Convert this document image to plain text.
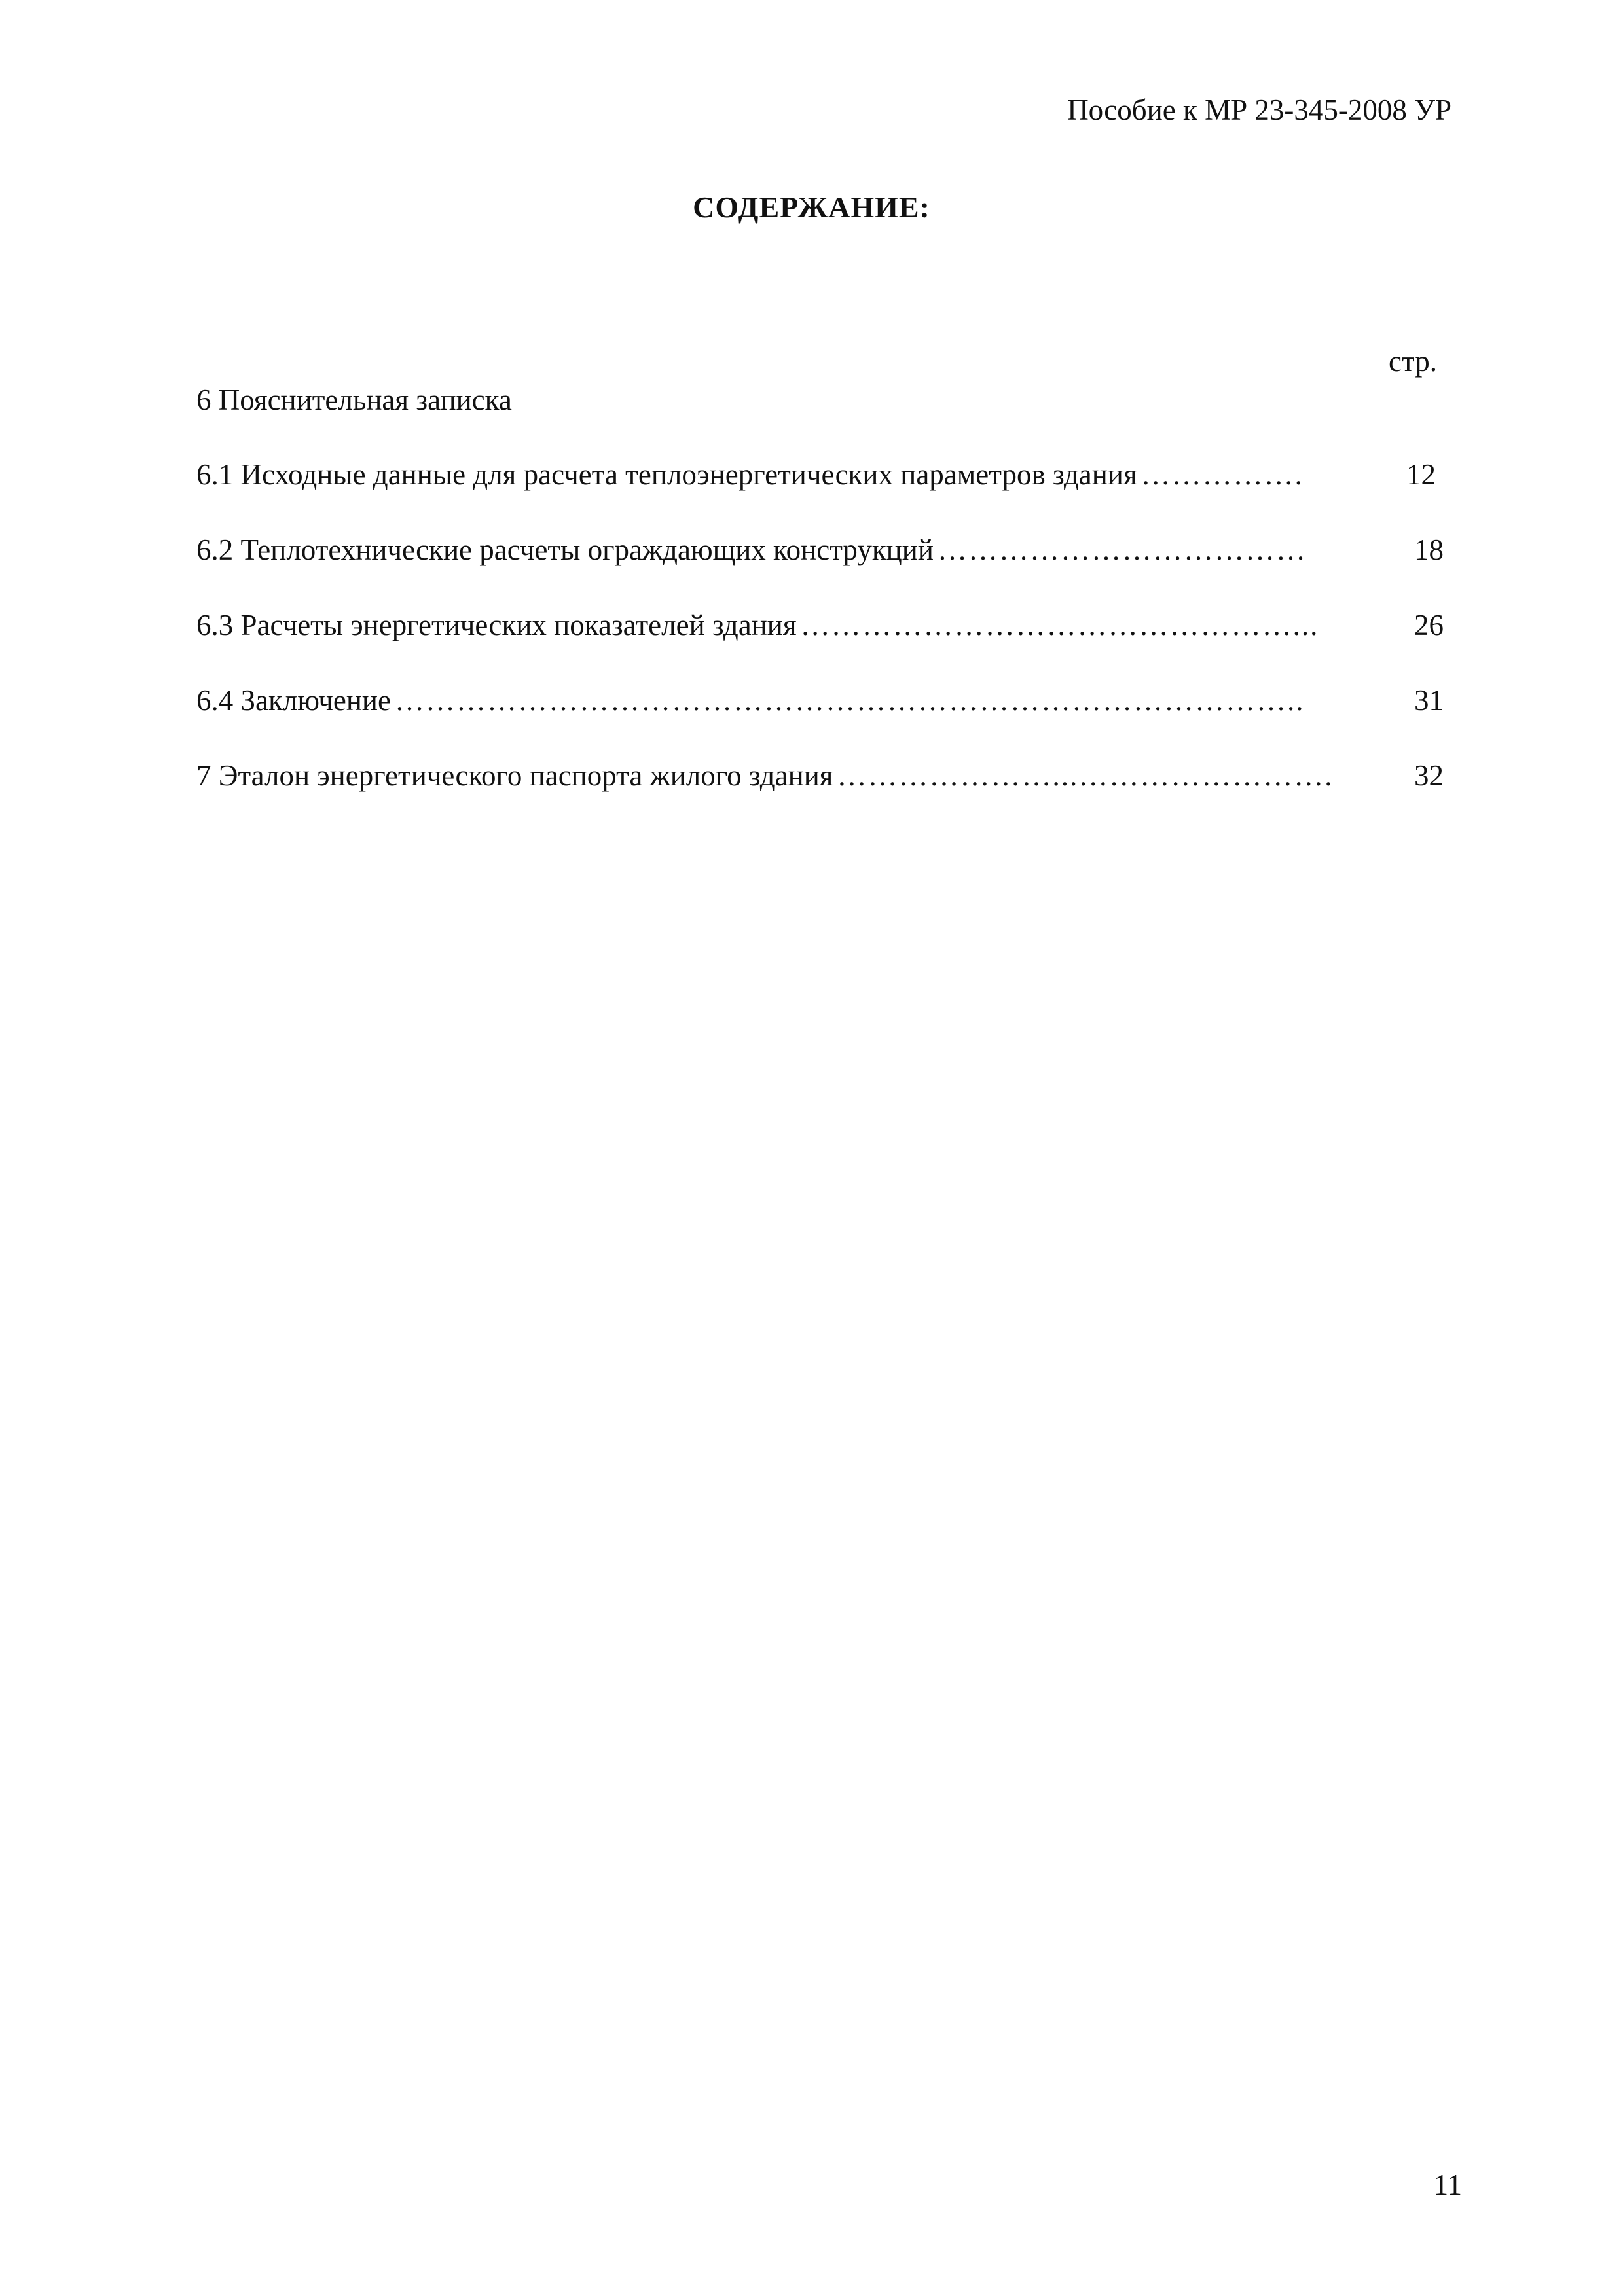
Пособие к МР 23-345-2008 УР
СОДЕРЖАНИЕ:
стр.
6 Пояснительная записка
6.1 Исходные данные для расчета теплоэнергетических параметров здания …………….	12
6.2 Теплотехнические расчеты ограждающих конструкций ………………………………	18
6.3 Расчеты энергетических показателей здания …………………………………………...	26
6.4 Заключение ……………………………………………………………………………..	31
7 Эталон энергетического паспорта жилого здания …………………...…………………….	32
11
